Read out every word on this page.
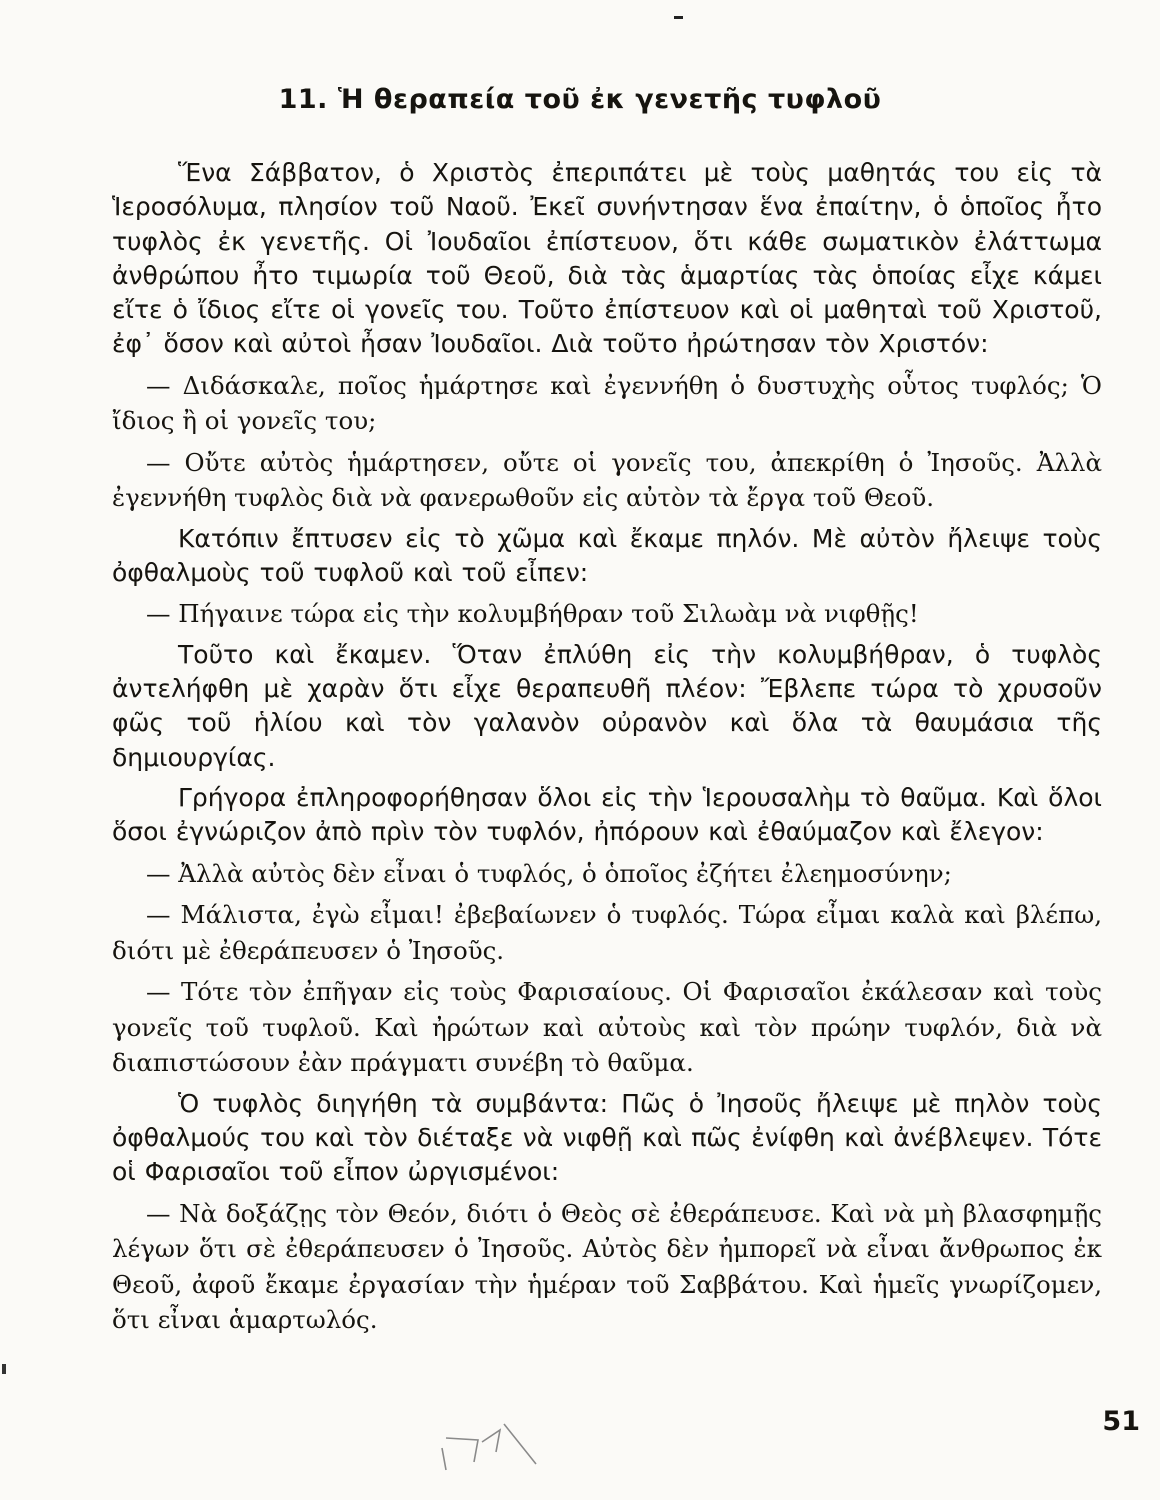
11. Ἡ θεραπεία τοῦ ἐκ γενετῆς τυφλοῦ

Ἕνα Σάββατον, ὁ Χριστὸς ἐπεριπάτει μὲ τοὺς μαθητάς του εἰς τὰ Ἱεροσόλυμα, πλησίον τοῦ Ναοῦ. Ἐκεῖ συνήντησαν ἕνα ἐπαίτην, ὁ ὁποῖος ἦτο τυφλὸς ἐκ γενετῆς. Οἱ Ἰουδαῖοι ἐπίστευον, ὅτι κάθε σωματικὸν ἐλάττωμα ἀνθρώπου ἦτο τιμωρία τοῦ Θεοῦ, διὰ τὰς ἁμαρτίας τὰς ὁποίας εἶχε κάμει εἴτε ὁ ἴδιος εἴτε οἱ γονεῖς του. Τοῦτο ἐπίστευον καὶ οἱ μαθηταὶ τοῦ Χριστοῦ, ἐφ᾽ ὅσον καὶ αὐτοὶ ἦσαν Ἰουδαῖοι. Διὰ τοῦτο ἠρώτησαν τὸν Χριστόν:

— Διδάσκαλε, ποῖος ἡμάρτησε καὶ ἐγεννήθη ὁ δυστυχὴς οὗτος τυφλός; Ὁ ἴδιος ἢ οἱ γονεῖς του;

— Οὔτε αὐτὸς ἡμάρτησεν, οὔτε οἱ γονεῖς του, ἀπεκρίθη ὁ Ἰησοῦς. Ἀλλὰ ἐγεννήθη τυφλὸς διὰ νὰ φανερωθοῦν εἰς αὐτὸν τὰ ἔργα τοῦ Θεοῦ.

Κατόπιν ἔπτυσεν εἰς τὸ χῶμα καὶ ἔκαμε πηλόν. Μὲ αὐτὸν ἤλειψε τοὺς ὀφθαλμοὺς τοῦ τυφλοῦ καὶ τοῦ εἶπεν:

— Πήγαινε τώρα εἰς τὴν κολυμβήθραν τοῦ Σιλωὰμ νὰ νιφθῇς!

Τοῦτο καὶ ἔκαμεν. Ὅταν ἐπλύθη εἰς τὴν κολυμβήθραν, ὁ τυφλὸς ἀντελήφθη μὲ χαρὰν ὅτι εἶχε θεραπευθῆ πλέον: Ἔβλεπε τώρα τὸ χρυσοῦν φῶς τοῦ ἡλίου καὶ τὸν γαλανὸν οὐρανὸν καὶ ὅλα τὰ θαυμάσια τῆς δημιουργίας.

Γρήγορα ἐπληροφορήθησαν ὅλοι εἰς τὴν Ἱερουσαλὴμ τὸ θαῦμα. Καὶ ὅλοι ὅσοι ἐγνώριζον ἀπὸ πρὶν τὸν τυφλόν, ἠπόρουν καὶ ἐθαύμαζον καὶ ἔλεγον:

— Ἀλλὰ αὐτὸς δὲν εἶναι ὁ τυφλός, ὁ ὁποῖος ἐζήτει ἐλεημοσύνην;

— Μάλιστα, ἐγὼ εἶμαι! ἐβεβαίωνεν ὁ τυφλός. Τώρα εἶμαι καλὰ καὶ βλέπω, διότι μὲ ἐθεράπευσεν ὁ Ἰησοῦς.

— Τότε τὸν ἐπῆγαν εἰς τοὺς Φαρισαίους. Οἱ Φαρισαῖοι ἐκάλεσαν καὶ τοὺς γονεῖς τοῦ τυφλοῦ. Καὶ ἠρώτων καὶ αὐτοὺς καὶ τὸν πρώην τυφλόν, διὰ νὰ διαπιστώσουν ἐὰν πράγματι συνέβη τὸ θαῦμα.

Ὁ τυφλὸς διηγήθη τὰ συμβάντα: Πῶς ὁ Ἰησοῦς ἤλειψε μὲ πηλὸν τοὺς ὀφθαλμούς του καὶ τὸν διέταξε νὰ νιφθῇ καὶ πῶς ἐνίφθη καὶ ἀνέβλεψεν. Τότε οἱ Φαρισαῖοι τοῦ εἶπον ὠργισμένοι:

— Νὰ δοξάζῃς τὸν Θεόν, διότι ὁ Θεὸς σὲ ἐθεράπευσε. Καὶ νὰ μὴ βλασφημῇς λέγων ὅτι σὲ ἐθεράπευσεν ὁ Ἰησοῦς. Αὐτὸς δὲν ἠμπορεῖ νὰ εἶναι ἄνθρωπος ἐκ Θεοῦ, ἀφοῦ ἔκαμε ἐργασίαν τὴν ἡμέραν τοῦ Σαββάτου. Καὶ ἡμεῖς γνωρίζομεν, ὅτι εἶναι ἁμαρτωλός.

51
